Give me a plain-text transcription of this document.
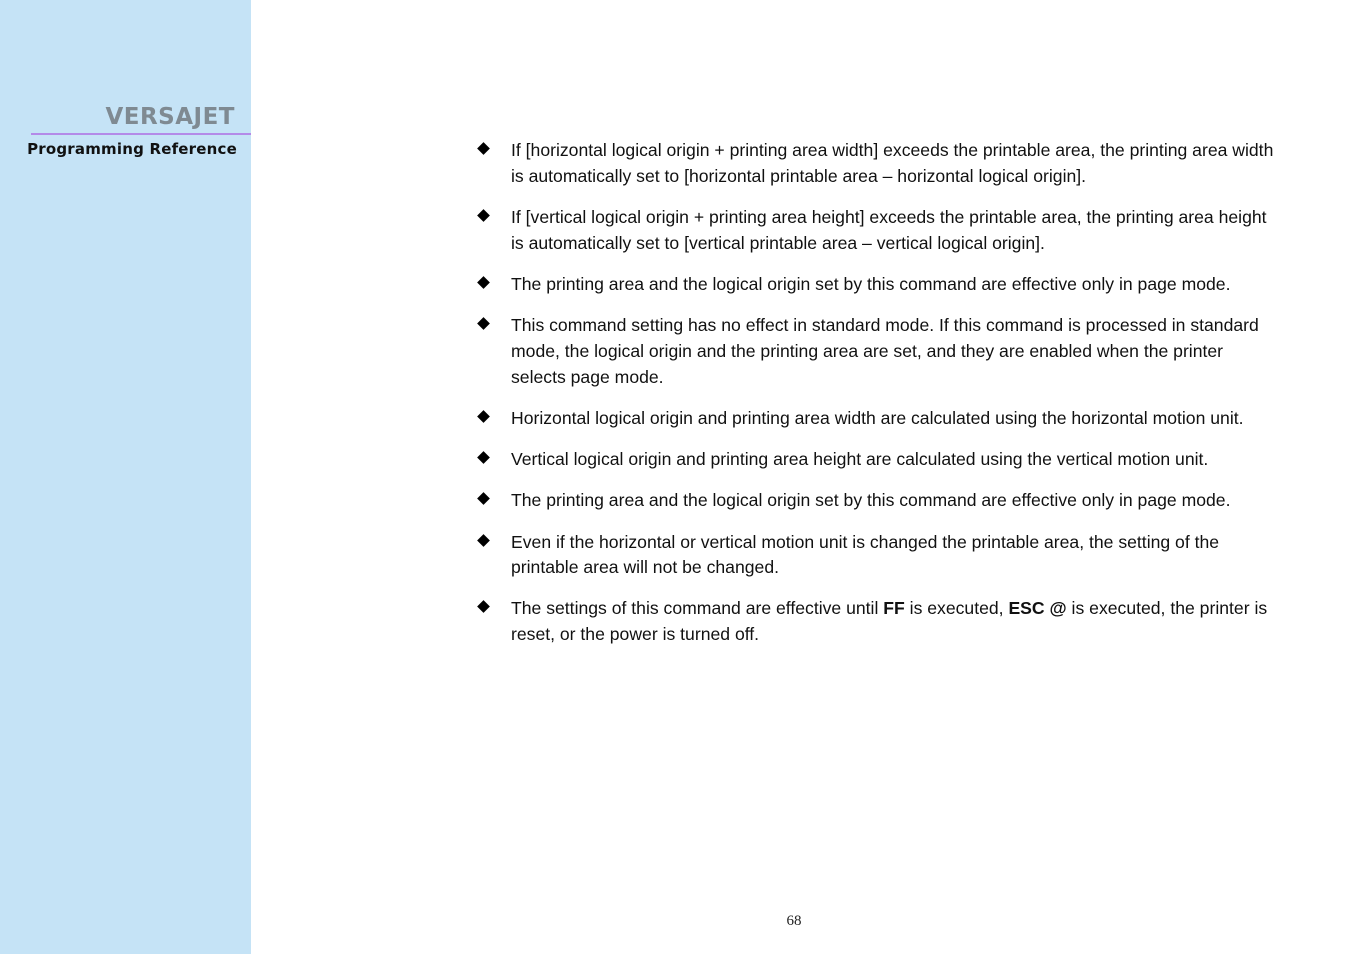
VERSAJET
Programming Reference	If [horizontal logical origin + printing area width] exceeds the printable area, the printing area width is automatically set to [horizontal printable area – horizontal logical origin].
If [vertical logical origin + printing area height] exceeds the printable area, the printing area height is automatically set to [vertical printable area – vertical logical origin].
The printing area and the logical origin set by this command are effective only in page mode.
This command setting has no effect in standard mode. If this command is processed in standard mode, the logical origin and the printing area are set, and they are enabled when the printer selects page mode.
Horizontal logical origin and printing area width are calculated using the horizontal motion unit.
Vertical logical origin and printing area height are calculated using the vertical motion unit.
The printing area and the logical origin set by this command are effective only in page mode.
Even if the horizontal or vertical motion unit is changed the printable area, the setting of the printable area will not be changed.
The settings of this command are effective until FF is executed, ESC @ is executed, the printer is reset, or the power is turned off.
68
